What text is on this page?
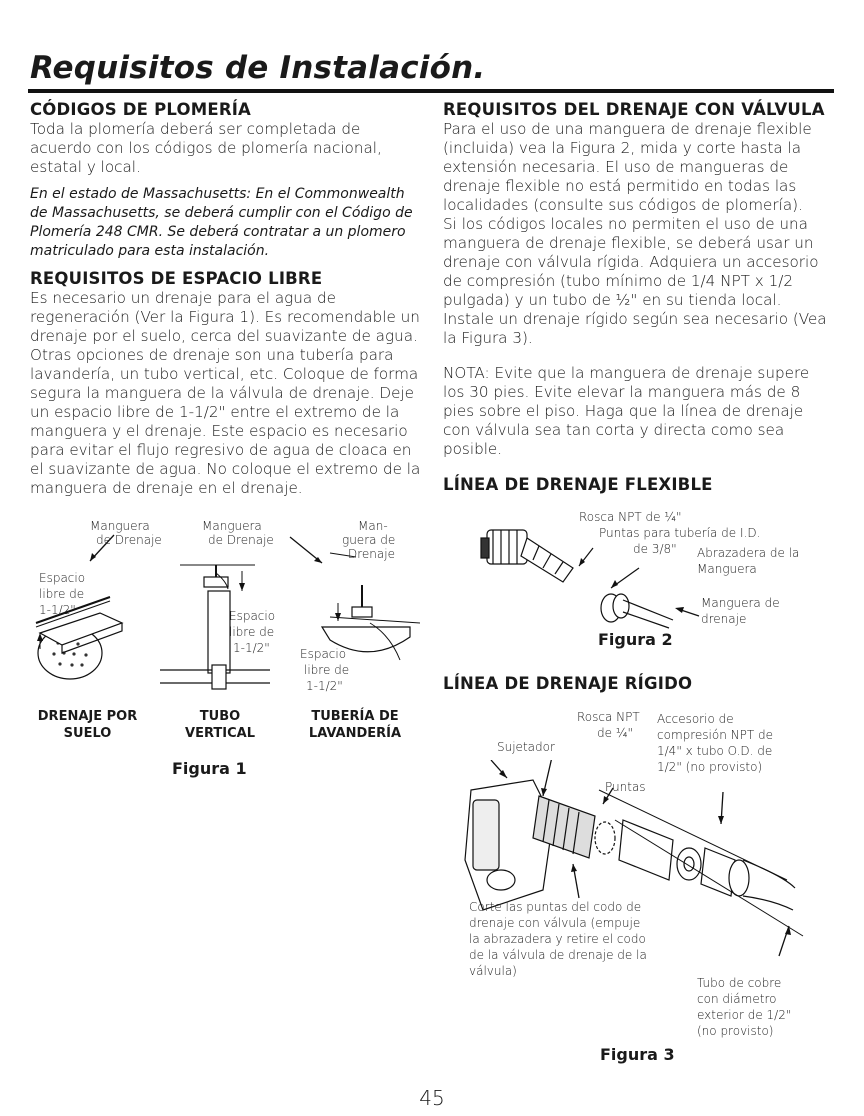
Requisitos de Instalación.
CÓDIGOS DE PLOMERÍA

Toda la plomería deberá ser completada de acuerdo con los códigos de plomería nacional, estatal y local.

En el estado de Massachusetts: En el Commonwealth de Massachusetts, se deberá cumplir con el Código de Plomería 248 CMR. Se deberá contratar a un plomero matriculado para esta instalación.

REQUISITOS DE ESPACIO LIBRE

Es necesario un drenaje para el agua de regeneración (Ver la Figura 1). Es recomendable un drenaje por el suelo, cerca del suavizante de agua. Otras opciones de drenaje son una tubería para lavandería, un tubo vertical, etc. Coloque de forma segura la manguera de la válvula de drenaje. Deje un espacio libre de 1-1/2" entre el extremo de la manguera y el drenaje. Este espacio es necesario para evitar el flujo regresivo de agua de cloaca en el suavizante de agua. No coloque el extremo de la manguera de drenaje en el drenaje.

Manguera
de Drenaje
Espacio
libre de
1-1/2"
Manguera
de Drenaje
Espacio
libre de
1-1/2"
Man-
guera de
Drenaje
Espacio
libre de
1-1/2"
DRENAJE POR
SUELO
TUBO
VERTICAL
TUBERÍA DE
LAVANDERÍA
Figura 1
REQUISITOS DEL DRENAJE CON VÁLVULA

Para el uso de una manguera de drenaje flexible (incluida) vea la Figura 2, mida y corte hasta la extensión necesaria. El uso de mangueras de drenaje flexible no está permitido en todas las localidades (consulte sus códigos de plomería).

Si los códigos locales no permiten el uso de una manguera de drenaje flexible, se deberá usar un drenaje con válvula rígida. Adquiera un accesorio de compresión (tubo mínimo de 1/4 NPT x 1/2 pulgada) y un tubo de ½" en su tienda local. Instale un drenaje rígido según sea necesario (Vea la Figura 3).

NOTA: Evite que la manguera de drenaje supere los 30 pies. Evite elevar la manguera más de 8 pies sobre el piso. Haga que la línea de drenaje con válvula sea tan corta y directa como sea posible.

LÍNEA DE DRENAJE FLEXIBLE
Rosca NPT de ¼"
Puntas para tubería de I.D.
de 3/8" Abrazadera de la
Manguera
Manguera de
drenaje
Figura 2
LÍNEA DE DRENAJE RÍGIDO
Rosca NPT
de ¼"
Accesorio de
compresión NPT de
1/4" x tubo O.D. de
1/2" (no provisto)
Sujetador
Puntas
Corte las puntas del codo de
drenaje con válvula (empuje
la abrazadera y retire el codo
de la válvula de drenaje de la
válvula)
Tubo de cobre
con diámetro
exterior de 1/2"
(no provisto)
Figura 3
45
